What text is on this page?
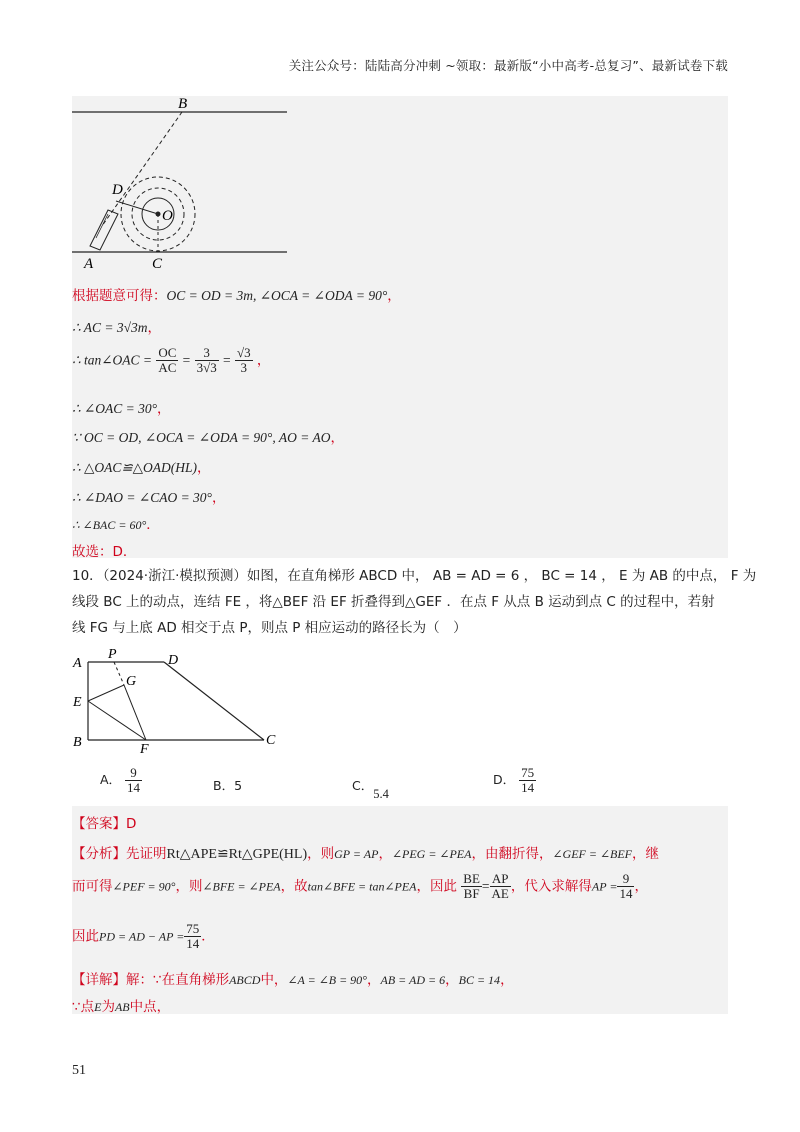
关注公众号：陆陆高分冲刺 ~领取：最新版“小中高考-总复习”、最新试卷下载
B
D
O
A	C
根据题意可得：OC = OD = 3m, ∠OCA = ∠ODA = 90°，
∴ AC = 3√3m，
∴ tan∠OAC = $\frac{OC}{AC} = \frac{3}{3√3} = \frac{√3}{3}$ ，
∴ ∠OAC = 30°，
∵ OC = OD, ∠OCA = ∠ODA = 90°, AO = AO，
∴ △OAC≌△OAD(HL)，
∴ ∠DAO = ∠CAO = 30°，
∴ ∠BAC = 60°．
故选：D．
10．（2024·浙江·模拟预测）如图，在直角梯形 ABCD 中， AB = AD = 6 ， BC = 14 ， E 为 AB 的中点， F 为
线段 BC 上的动点，连结 FE ，将△BEF 沿 EF 折叠得到△GEF ．在点 F 从点 B 运动到点 C 的过程中，若射
线 FG 与上底 AD 相交于点 P，则点 P 相应运动的路径长为（　）
A
P	D
G
E
B	F
C
A． $\frac{9}{14}$	B．5	C．5.4
D． $\frac{75}{14}$
【答案】D
【分析】先证明Rt△APE≌Rt△GPE(HL)，则GP = AP，∠PEG = ∠PEA，由翻折得，∠GEF = ∠BEF，继
而可得∠PEF = 90°，则∠BFE = ∠PEA，故tan∠BFE = tan∠PEA，因此 $\frac{BE}{BF} = \frac{AP}{AE}$ ，代入求解得AP = $\frac{9}{14}$ ，
因此PD = AD − AP = $\frac{75}{14}$ ．
【详解】解：∵在直角梯形ABCD中，∠A = ∠B = 90°，AB = AD = 6，BC = 14，
∵点E为AB中点，
51
